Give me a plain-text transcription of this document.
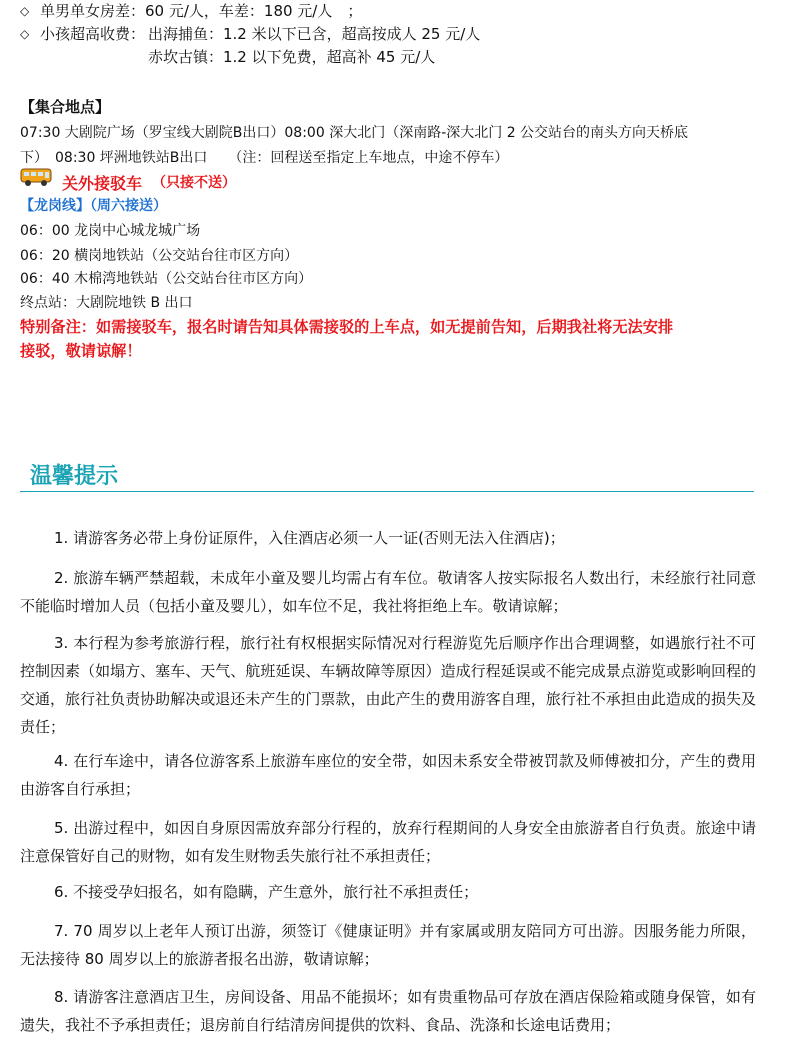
◇ 单男单女房差：60 元/人，车差：180 元/人　；
◇ 小孩超高收费： 出海捕鱼：1.2 米以下已含，超高按成人 25 元/人
赤坎古镇：1.2 以下免费，超高补 45 元/人
【集合地点】
07:30 大剧院广场（罗宝线大剧院B出口）08:00 深大北门（深南路-深大北门 2 公交站台的南头方向天桥底
下）　08:30 坪洲地铁站B出口　　（注：回程送至指定上车地点，中途不停车）
关外接驳车 （只接不送）
【龙岗线】（周六接送）
06：00 龙岗中心城龙城广场
06：20 横岗地铁站（公交站台往市区方向）
06：40 木棉湾地铁站（公交站台往市区方向）
终点站：大剧院地铁 B 出口
特别备注：如需接驳车，报名时请告知具体需接驳的上车点，如无提前告知，后期我社将无法安排
接驳，敬请谅解！
温馨提示
1. 请游客务必带上身份证原件，入住酒店必须一人一证(否则无法入住酒店)；
2. 旅游车辆严禁超载，未成年小童及婴儿均需占有车位。敬请客人按实际报名人数出行，未经旅行社同意不能临时增加人员（包括小童及婴儿），如车位不足，我社将拒绝上车。敬请谅解；
3. 本行程为参考旅游行程，旅行社有权根据实际情况对行程游览先后顺序作出合理调整，如遇旅行社不可控制因素（如塌方、塞车、天气、航班延误、车辆故障等原因）造成行程延误或不能完成景点游览或影响回程的交通，旅行社负责协助解决或退还未产生的门票款，由此产生的费用游客自理，旅行社不承担由此造成的损失及责任；
4. 在行车途中，请各位游客系上旅游车座位的安全带，如因未系安全带被罚款及师傅被扣分，产生的费用由游客自行承担；
5. 出游过程中，如因自身原因需放弃部分行程的，放弃行程期间的人身安全由旅游者自行负责。旅途中请注意保管好自己的财物，如有发生财物丢失旅行社不承担责任；
6. 不接受孕妇报名，如有隐瞒，产生意外，旅行社不承担责任；
7. 70 周岁以上老年人预订出游，须签订《健康证明》并有家属或朋友陪同方可出游。因服务能力所限，无法接待 80 周岁以上的旅游者报名出游，敬请谅解；
8. 请游客注意酒店卫生，房间设备、用品不能损坏；如有贵重物品可存放在酒店保险箱或随身保管，如有遗失，我社不予承担责任；退房前自行结清房间提供的饮料、食品、洗涤和长途电话费用；
